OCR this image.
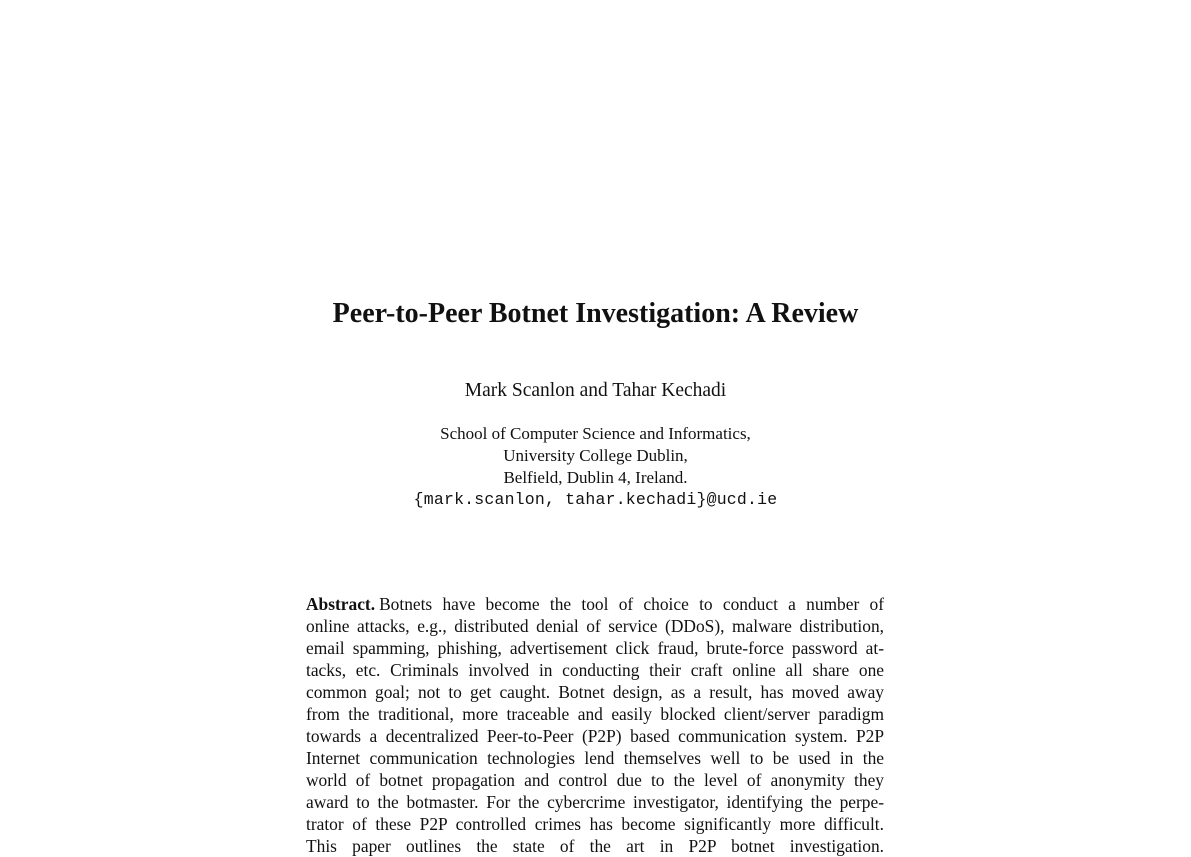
Peer-to-Peer Botnet Investigation: A Review
Mark Scanlon and Tahar Kechadi
School of Computer Science and Informatics,
University College Dublin,
Belfield, Dublin 4, Ireland.
{mark.scanlon, tahar.kechadi}@ucd.ie
Abstract. Botnets have become the tool of choice to conduct a number of
online attacks, e.g., distributed denial of service (DDoS), malware distribution,
email spamming, phishing, advertisement click fraud, brute-force password at-
tacks, etc. Criminals involved in conducting their craft online all share one
common goal; not to get caught. Botnet design, as a result, has moved away
from the traditional, more traceable and easily blocked client/server paradigm
towards a decentralized Peer-to-Peer (P2P) based communication system. P2P
Internet communication technologies lend themselves well to be used in the
world of botnet propagation and control due to the level of anonymity they
award to the botmaster. For the cybercrime investigator, identifying the perpe-
trator of these P2P controlled crimes has become significantly more difficult.
This paper outlines the state of the art in P2P botnet investigation.
